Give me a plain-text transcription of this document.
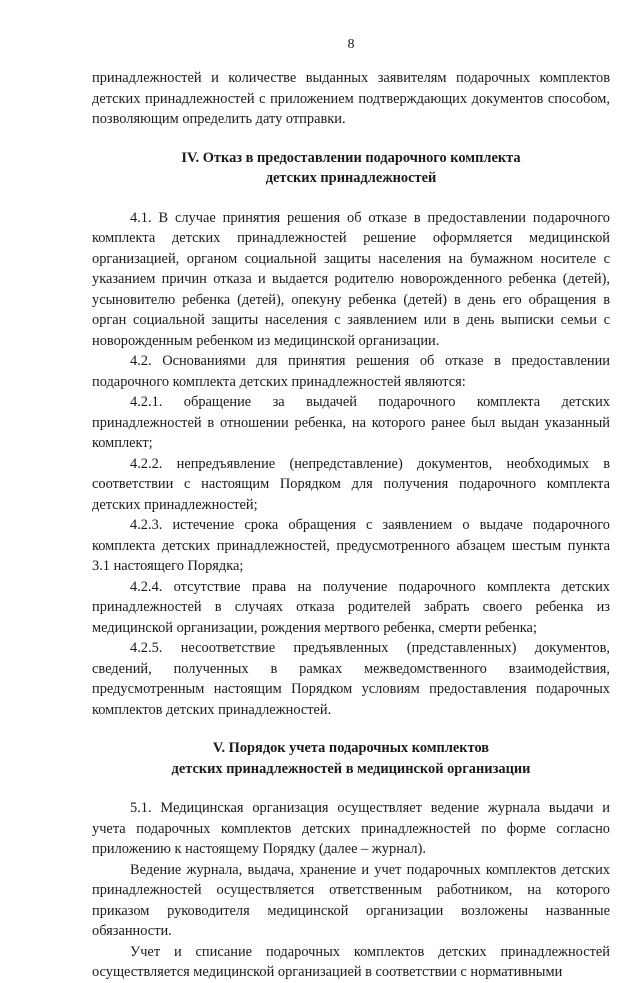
8

принадлежностей и количестве выданных заявителям подарочных комплектов детских принадлежностей с приложением подтверждающих документов способом, позволяющим определить дату отправки.

IV. Отказ в предоставлении подарочного комплекта
детских принадлежностей

4.1. В случае принятия решения об отказе в предоставлении подарочного комплекта детских принадлежностей решение оформляется медицинской организацией, органом социальной защиты населения на бумажном носителе с указанием причин отказа и выдается родителю новорожденного ребенка (детей), усыновителю ребенка (детей), опекуну ребенка (детей) в день его обращения в орган социальной защиты населения с заявлением или в день выписки семьи с новорожденным ребенком из медицинской организации.

4.2. Основаниями для принятия решения об отказе в предоставлении подарочного комплекта детских принадлежностей являются:

4.2.1. обращение за выдачей подарочного комплекта детских принадлежностей в отношении ребенка, на которого ранее был выдан указанный комплект;

4.2.2. непредъявление (непредставление) документов, необходимых в соответствии с настоящим Порядком для получения подарочного комплекта детских принадлежностей;

4.2.3. истечение срока обращения с заявлением о выдаче подарочного комплекта детских принадлежностей, предусмотренного абзацем шестым пункта 3.1 настоящего Порядка;

4.2.4. отсутствие права на получение подарочного комплекта детских принадлежностей в случаях отказа родителей забрать своего ребенка из медицинской организации, рождения мертвого ребенка, смерти ребенка;

4.2.5. несоответствие предъявленных (представленных) документов, сведений, полученных в рамках межведомственного взаимодействия, предусмотренным настоящим Порядком условиям предоставления подарочных комплектов детских принадлежностей.

V. Порядок учета подарочных комплектов
детских принадлежностей в медицинской организации

5.1. Медицинская организация осуществляет ведение журнала выдачи и учета подарочных комплектов детских принадлежностей по форме согласно приложению к настоящему Порядку (далее – журнал).

Ведение журнала, выдача, хранение и учет подарочных комплектов детских принадлежностей осуществляется ответственным работником, на которого приказом руководителя медицинской организации возложены названные обязанности.

Учет и списание подарочных комплектов детских принадлежностей осуществляется медицинской организацией в соответствии с нормативными
